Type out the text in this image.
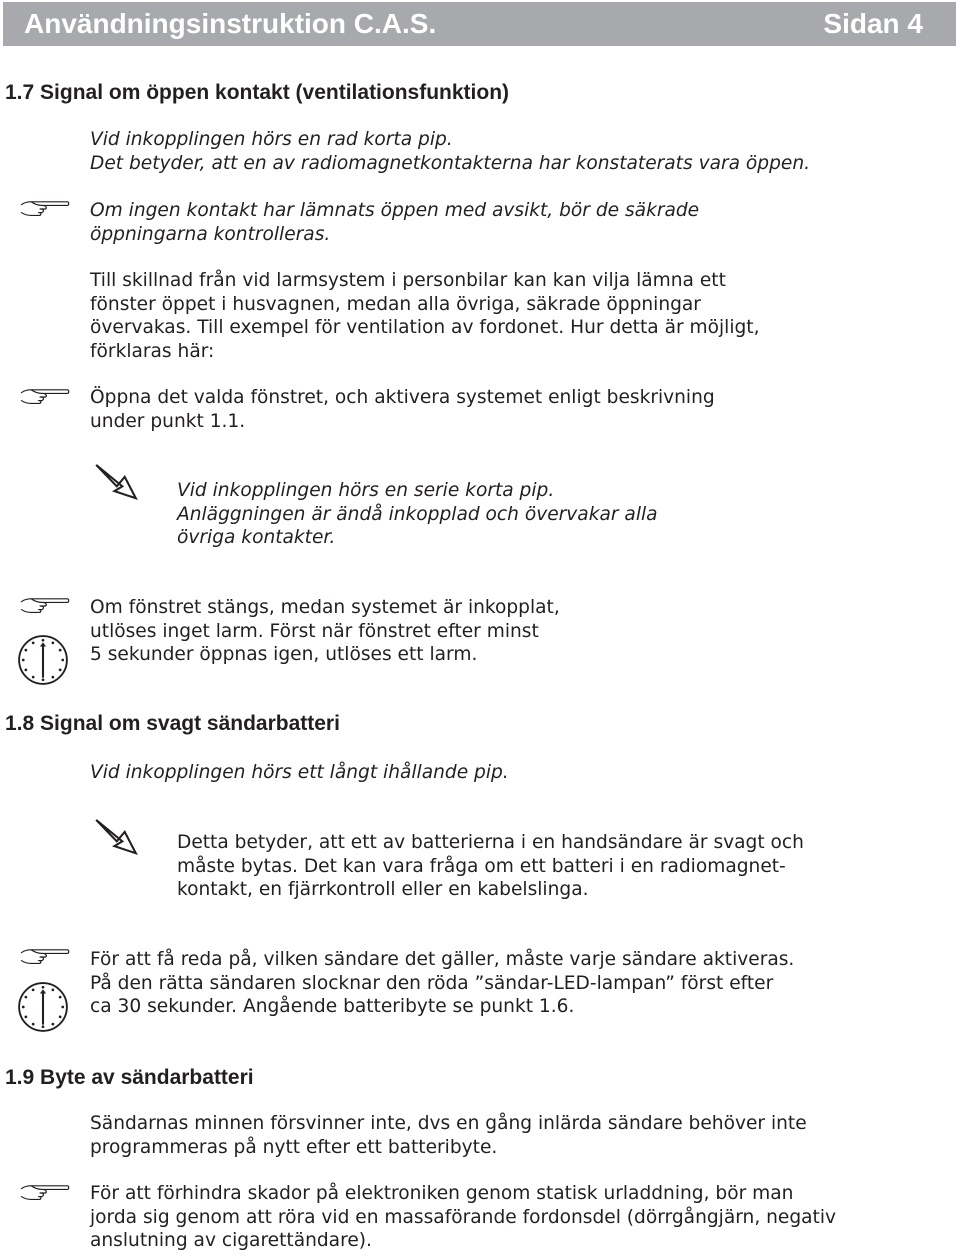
Användningsinstruktion C.A.S.	Sidan 4
1.7 Signal om öppen kontakt (ventilationsfunktion)

Vid inkopplingen hörs en rad korta pip.

Det betyder, att en av radiomagnetkontakterna har konstaterats vara öppen.

Om ingen kontakt har lämnats öppen med avsikt, bör de säkrade

öppningarna kontrolleras.

Till skillnad från vid larmsystem i personbilar kan kan vilja lämna ett

fönster öppet i husvagnen, medan alla övriga, säkrade öppningar

övervakas. Till exempel för ventilation av fordonet. Hur detta är möjligt,

förklaras här:

Öppna det valda fönstret, och aktivera systemet enligt beskrivning

under punkt 1.1.

Vid inkopplingen hörs en serie korta pip.

Anläggningen är ändå inkopplad och övervakar alla

övriga kontakter.

Om fönstret stängs, medan systemet är inkopplat,

utlöses inget larm. Först när fönstret efter minst

5 sekunder öppnas igen, utlöses ett larm.

1.8 Signal om svagt sändarbatteri

Vid inkopplingen hörs ett långt ihållande pip.

Detta betyder, att ett av batterierna i en handsändare är svagt och

måste bytas. Det kan vara fråga om ett batteri i en radiomagnet-

kontakt, en fjärrkontroll eller en kabelslinga.

För att få reda på, vilken sändare det gäller, måste varje sändare aktiveras.

På den rätta sändaren slocknar den röda ”sändar-LED-lampan” först efter

ca 30 sekunder. Angående batteribyte se punkt 1.6.

1.9 Byte av sändarbatteri

Sändarnas minnen försvinner inte, dvs en gång inlärda sändare behöver inte

programmeras på nytt efter ett batteribyte.

För att förhindra skador på elektroniken genom statisk urladdning, bör man

jorda sig genom att röra vid en massaförande fordonsdel (dörrgångjärn, negativ

anslutning av cigarettändare).
